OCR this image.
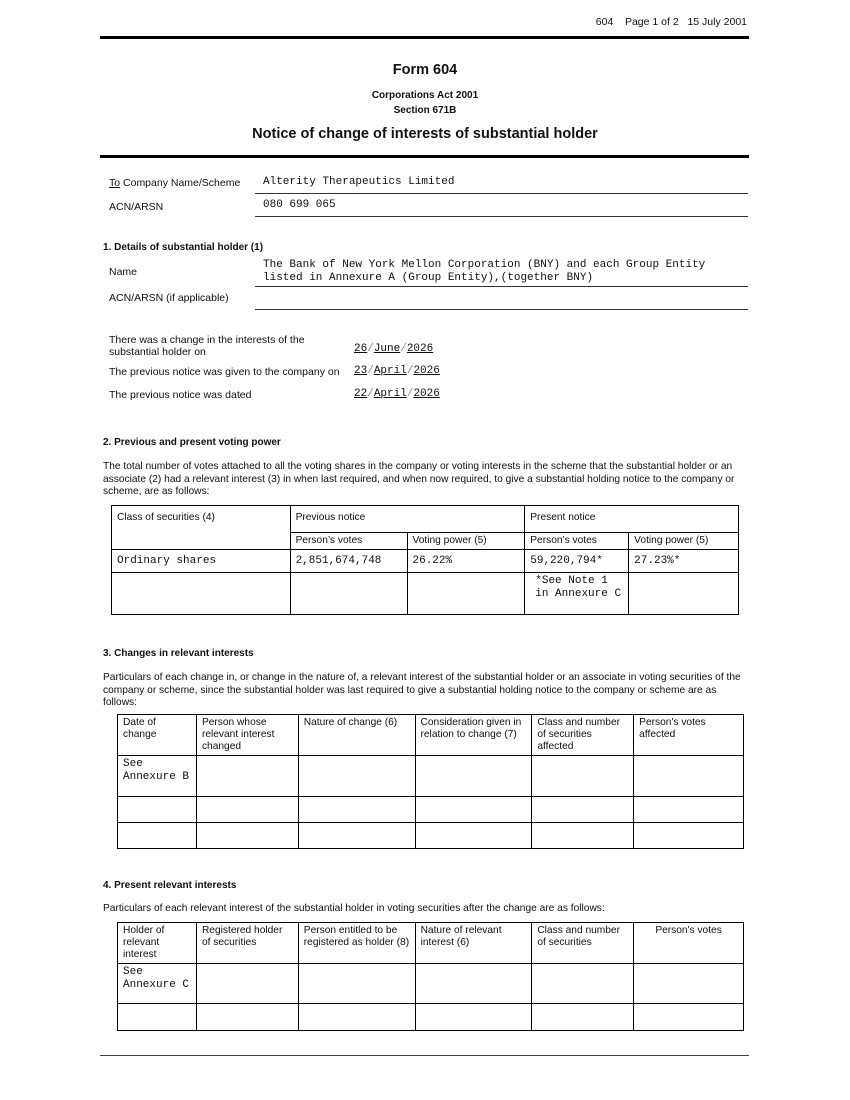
604 Page 1 of 2 15 July 2001
Form 604
Corporations Act 2001
Section 671B
Notice of change of interests of substantial holder
To Company Name/Scheme Alterity Therapeutics Limited
ACN/ARSN	080 699 065
1. Details of substantial holder (1)
Name
The Bank of New York Mellon Corporation (BNY) and each Group Entity
listed in Annexure A (Group Entity),(together BNY)
ACN/ARSN (if applicable)
There was a change in the interests of the
substantial holder on	26/June/2026
The previous notice was given to the company on 23/April/2026
The previous notice was dated	22/April/2026
2. Previous and present voting power
The total number of votes attached to all the voting shares in the company or voting interests in the scheme that the substantial holder or an associate (2) had a relevant interest (3) in when last required, and when now required, to give a substantial holding notice to the company or scheme, are as follows:
Class of securities (4)	Previous notice		Present notice	
	Person’s votes	Voting power (5)	Person’s votes	Voting power (5)
Ordinary shares	2,851,674,748	26.22%	59,220,794*	27.23%*
			*See Note 1 in Annexure C	
3. Changes in relevant interests
Particulars of each change in, or change in the nature of, a relevant interest of the substantial holder or an associate in voting securities of the company or scheme, since the substantial holder was last required to give a substantial holding notice to the company or scheme are as follows:
Date of change	Person whose relevant interest changed	Nature of change (6)	Consideration given in relation to change (7)	Class and number of securities affected	Person's votes affected
See Annexure B					

4. Present relevant interests
Particulars of each relevant interest of the substantial holder in voting securities after the change are as follows:
Holder of relevant interest	Registered holder of securities	Person entitled to be registered as holder (8)	Nature of relevant interest (6)	Class and number of securities	Person's votes
See Annexure C					
